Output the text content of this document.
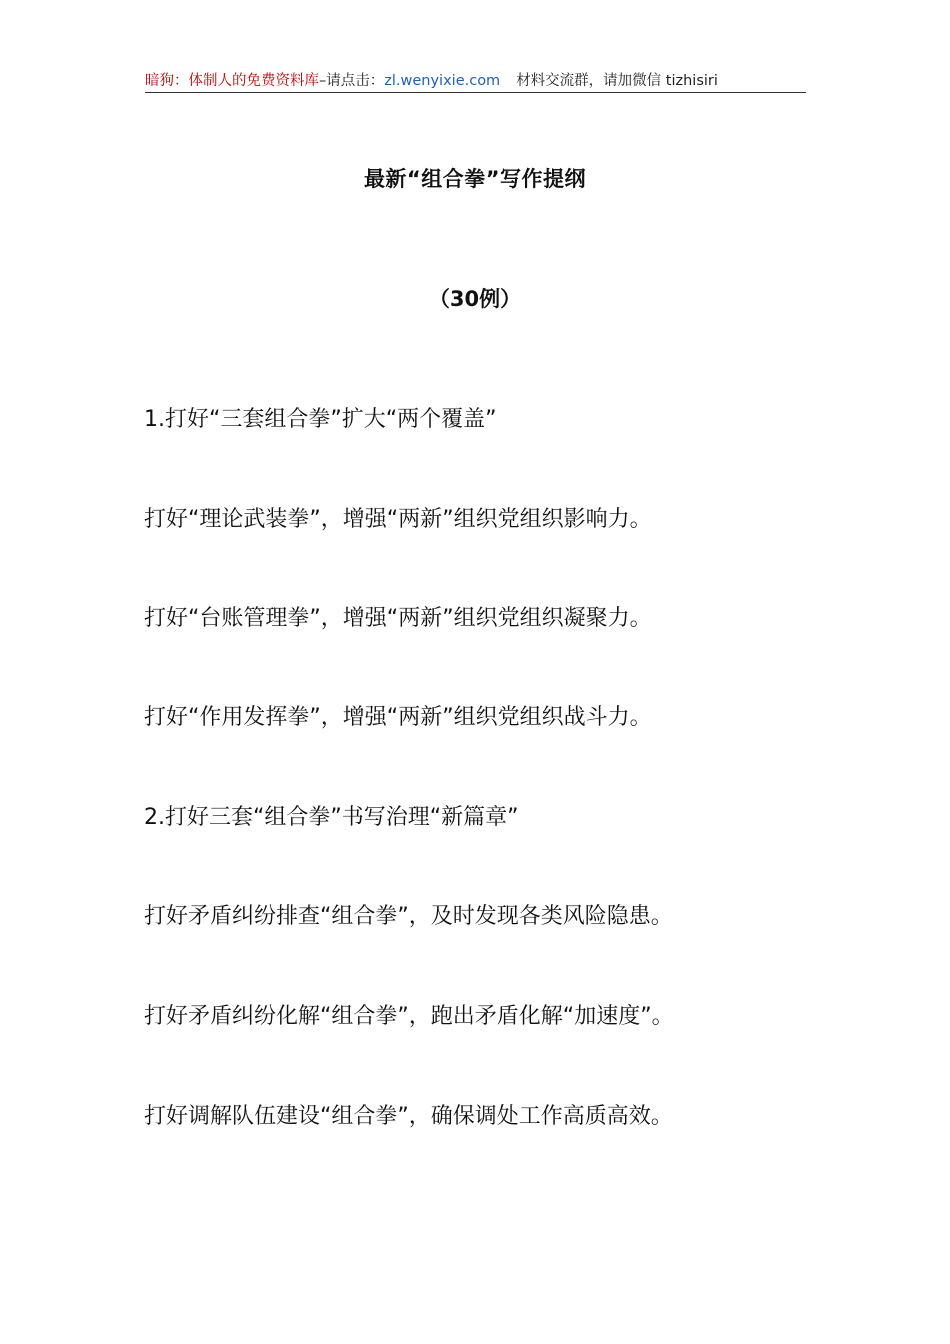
暗狗：体制人的免费资料库–请点击：zl.wenyixie.com 材料交流群，请加微信 tizhisiri
最新“组合拳”写作提纲
（30例）
1.打好“三套组合拳”扩大“两个覆盖”
打好“理论武装拳”，增强“两新”组织党组织影响力。
打好“台账管理拳”，增强“两新”组织党组织凝聚力。
打好“作用发挥拳”，增强“两新”组织党组织战斗力。
2.打好三套“组合拳”书写治理“新篇章”
打好矛盾纠纷排查“组合拳”，及时发现各类风险隐患。
打好矛盾纠纷化解“组合拳”，跑出矛盾化解“加速度”。
打好调解队伍建设“组合拳”，确保调处工作高质高效。
